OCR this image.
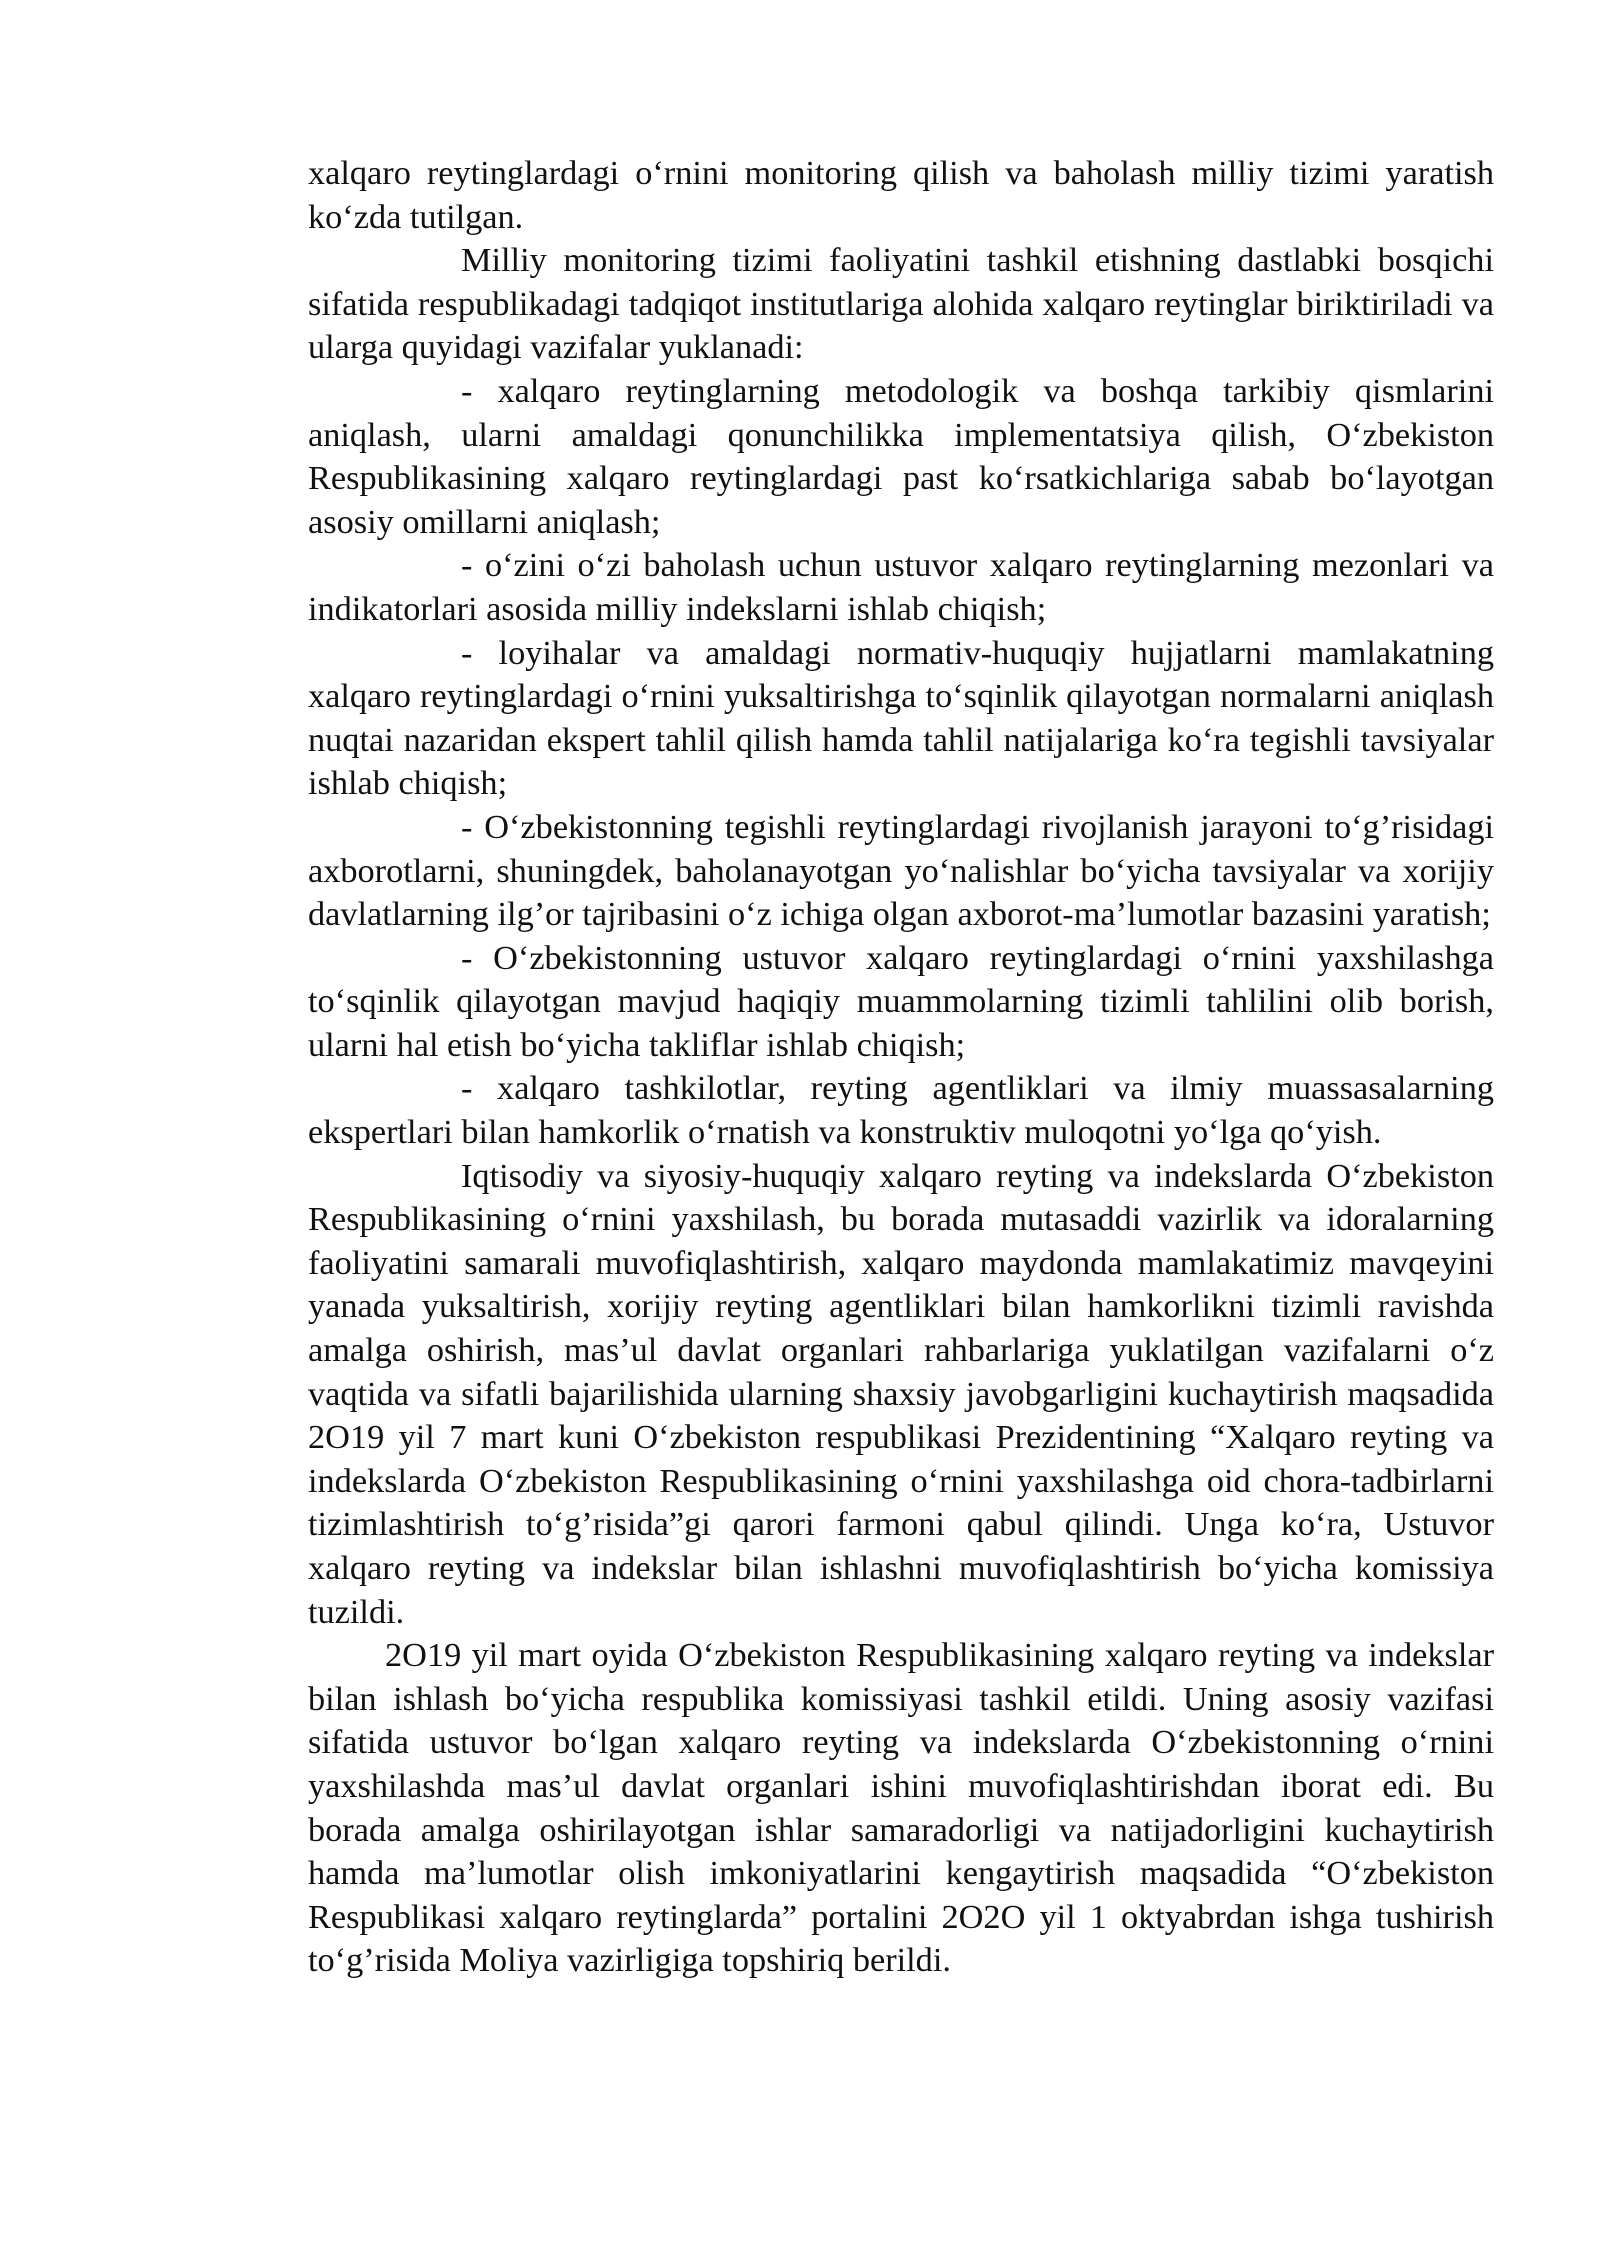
xalqaro reytinglardagi o‘rnini monitoring qilish va baholash milliy tizimi yaratish ko‘zda tutilgan.

Milliy monitoring tizimi faoliyatini tashkil etishning dastlabki bosqichi sifatida respublikadagi tadqiqot institutlariga alohida xalqaro reytinglar biriktiriladi va ularga quyidagi vazifalar yuklanadi:

- xalqaro reytinglarning metodologik va boshqa tarkibiy qismlarini aniqlash, ularni amaldagi qonunchilikka implementatsiya qilish, O‘zbekiston Respublikasining xalqaro reytinglardagi past ko‘rsatkichlariga sabab bo‘layotgan asosiy omillarni aniqlash;

- o‘zini o‘zi baholash uchun ustuvor xalqaro reytinglarning mezonlari va indikatorlari asosida milliy indekslarni ishlab chiqish;

- loyihalar va amaldagi normativ-huquqiy hujjatlarni mamlakatning xalqaro reytinglardagi o‘rnini yuksaltirishga to‘sqinlik qilayotgan normalarni aniqlash nuqtai nazaridan ekspert tahlil qilish hamda tahlil natijalariga ko‘ra tegishli tavsiyalar ishlab chiqish;

- O‘zbekistonning tegishli reytinglardagi rivojlanish jarayoni to‘g’risidagi axborotlarni, shuningdek, baholanayotgan yo‘nalishlar bo‘yicha tavsiyalar va xorijiy davlatlarning ilg’or tajribasini o‘z ichiga olgan axborot-ma’lumotlar bazasini yaratish;

- O‘zbekistonning ustuvor xalqaro reytinglardagi o‘rnini yaxshilashga to‘sqinlik qilayotgan mavjud haqiqiy muammolarning tizimli tahlilini olib borish, ularni hal etish bo‘yicha takliflar ishlab chiqish;

- xalqaro tashkilotlar, reyting agentliklari va ilmiy muassasalarning ekspertlari bilan hamkorlik o‘rnatish va konstruktiv muloqotni yo‘lga qo‘yish.

Iqtisodiy va siyosiy-huquqiy xalqaro reyting va indekslarda O‘zbekiston Respublikasining o‘rnini yaxshilash, bu borada mutasaddi vazirlik va idoralarning faoliyatini samarali muvofiqlashtirish, xalqaro maydonda mamlakatimiz mavqeyini yanada yuksaltirish, xorijiy reyting agentliklari bilan hamkorlikni tizimli ravishda amalga oshirish, mas’ul davlat organlari rahbarlariga yuklatilgan vazifalarni o‘z vaqtida va sifatli bajarilishida ularning shaxsiy javobgarligini kuchaytirish maqsadida 2O19 yil 7 mart kuni O‘zbekiston respublikasi Prezidentining “Xalqaro reyting va indekslarda O‘zbekiston Respublikasining o‘rnini yaxshilashga oid chora-tadbirlarni tizimlashtirish to‘g’risida”gi qarori farmoni qabul qilindi. Unga ko‘ra, Ustuvor xalqaro reyting va indekslar bilan ishlashni muvofiqlashtirish bo‘yicha komissiya tuzildi.

2O19 yil mart oyida O‘zbekiston Respublikasining xalqaro reyting va indekslar bilan ishlash bo‘yicha respublika komissiyasi tashkil etildi. Uning asosiy vazifasi sifatida ustuvor bo‘lgan xalqaro reyting va indekslarda O‘zbekistonning o‘rnini yaxshilashda mas’ul davlat organlari ishini muvofiqlashtirishdan iborat edi. Bu borada amalga oshirilayotgan ishlar samaradorligi va natijadorligini kuchaytirish hamda ma’lumotlar olish imkoniyatlarini kengaytirish maqsadida “O‘zbekiston Respublikasi xalqaro reytinglarda” portalini 2O2O yil 1 oktyabrdan ishga tushirish to‘g’risida Moliya vazirligiga topshiriq berildi.
